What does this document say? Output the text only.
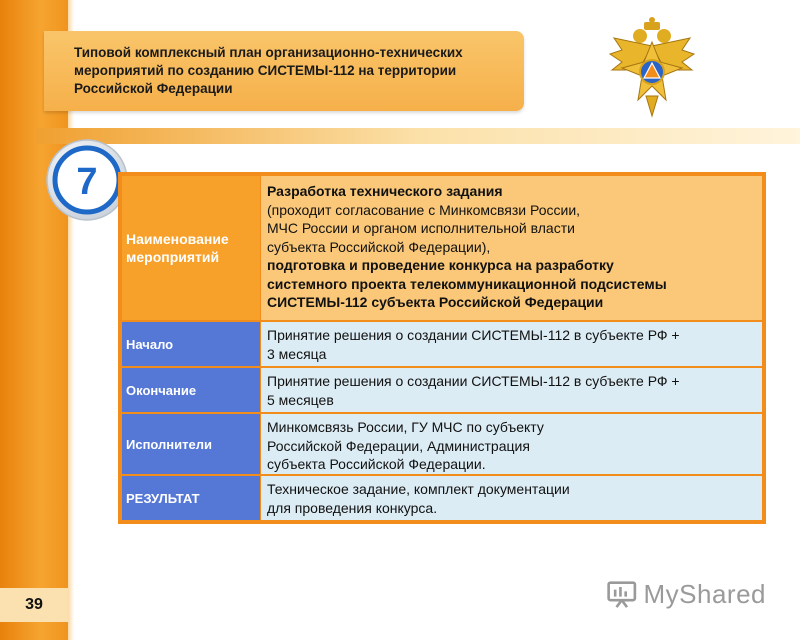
Типовой комплексный план организационно-технических
мероприятий по созданию СИСТЕМЫ-112 на территории
Российской Федерации
7
Наименование
мероприятий
Разработка технического задания
(проходит согласование с Минкомсвязи России,
МЧС России и органом исполнительной власти
субъекта Российской Федерации),
подготовка и проведение конкурса на разработку
системного проекта телекоммуникационной подсистемы
СИСТЕМЫ-112 субъекта Российской Федерации
Начало
Принятие решения о создании СИСТЕМЫ-112 в субъекте РФ +
3 месяца
Окончание
Принятие решения о создании СИСТЕМЫ-112 в субъекте РФ +
5 месяцев
Исполнители
Минкомсвязь России, ГУ МЧС по субъекту
Российской Федерации, Администрация
субъекта Российской Федерации.
РЕЗУЛЬТАТ
Техническое задание, комплект документации
для проведения конкурса.
39	MyShared
